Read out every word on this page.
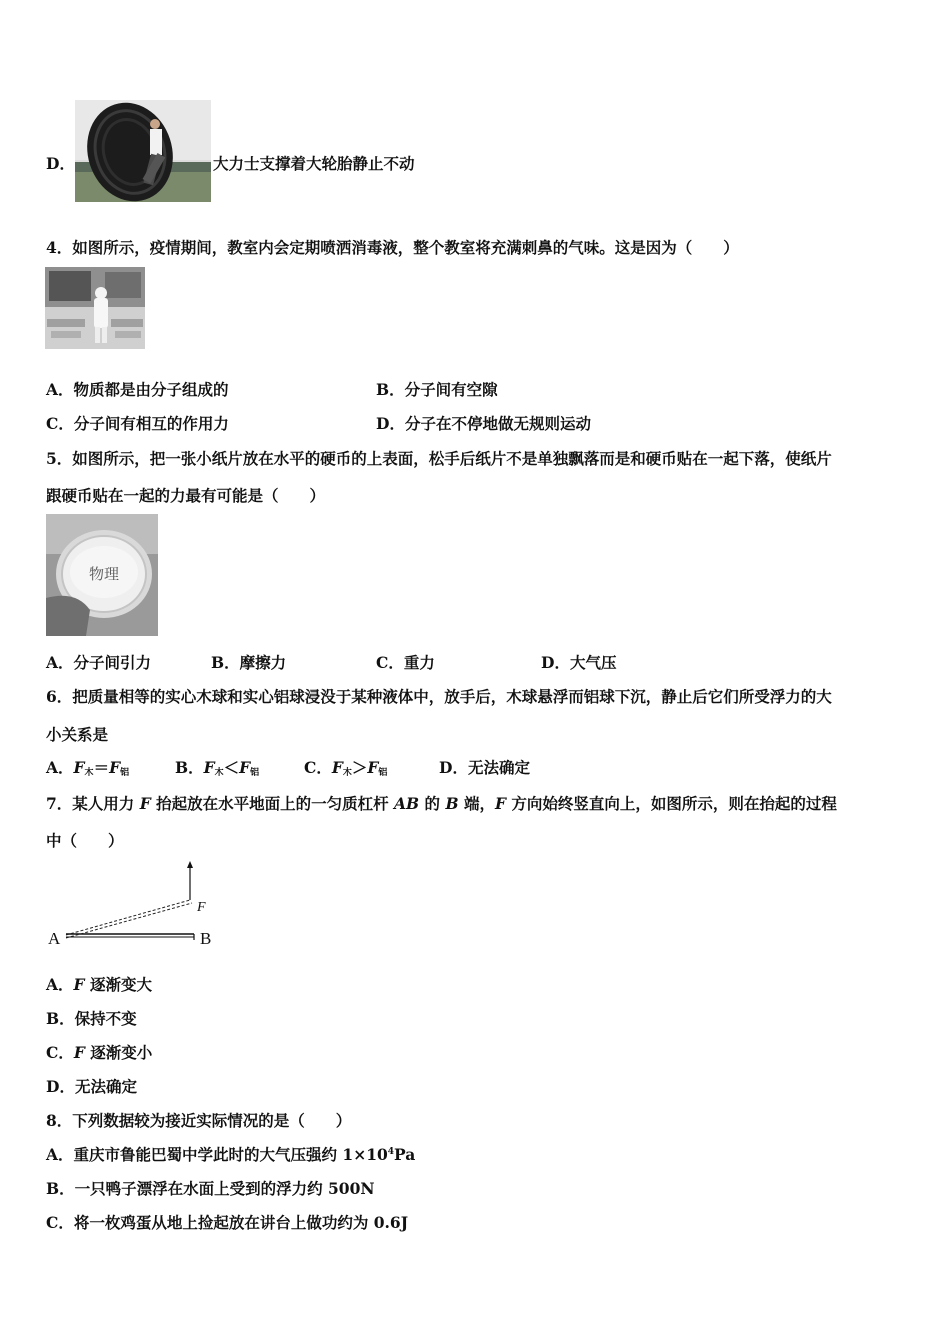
D．	大力士支撑着大轮胎静止不动
4．如图所示，疫情期间，教室内会定期喷洒消毒液，整个教室将充满刺鼻的气味。这是因为（　　）
A．物质都是由分子组成的	B．分子间有空隙
C．分子间有相互的作用力	D．分子在不停地做无规则运动
5．如图所示，把一张小纸片放在水平的硬币的上表面，松手后纸片不是单独飘落而是和硬币贴在一起下落，使纸片
跟硬币贴在一起的力最有可能是（　　）
物理
A．分子间引力	B．摩擦力	C．重力	D．大气压
6．把质量相等的实心木球和实心铝球浸没于某种液体中，放手后，木球悬浮而铝球下沉，静止后它们所受浮力的大
小关系是
A．$F_木=F_铝$	B．$F_木<F_铝$	C．$F_木>F_铝$	D．无法确定
7．某人用力 F 抬起放在水平地面上的一匀质杠杆 AB 的 B 端，F 方向始终竖直向上，如图所示，则在抬起的过程
中（　　）
F
A	B
A．F 逐渐变大
B．保持不变
C．F 逐渐变小
D．无法确定
8．下列数据较为接近实际情况的是（　　）
A．重庆市鲁能巴蜀中学此时的大气压强约 $1\times 10^4Pa$
B．一只鸭子漂浮在水面上受到的浮力约 500N
C．将一枚鸡蛋从地上捡起放在讲台上做功约为 0.6J
